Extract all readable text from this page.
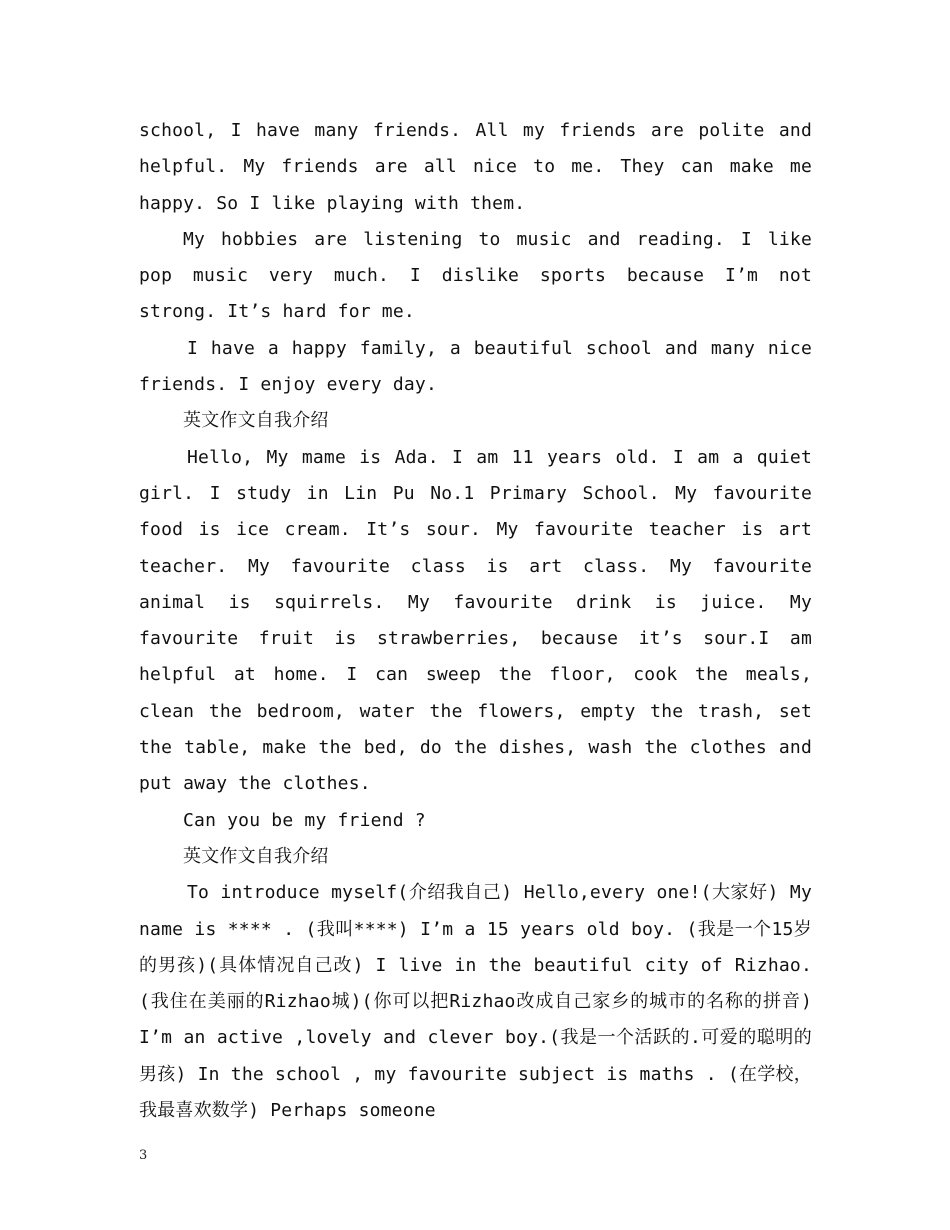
school, I have many friends. All my friends are polite and helpful. My friends are all nice to me. They can make me happy. So I like playing with them.

My hobbies are listening to music and reading. I like pop music very much. I dislike sports because I’m not strong. It’s hard for me.

I have a happy family, a beautiful school and many nice friends. I enjoy every day.

英文作文自我介绍

Hello, My mame is Ada. I am 11 years old. I am a quiet girl. I study in Lin Pu No.1 Primary School. My favourite food is ice cream. It’s sour. My favourite teacher is art teacher. My favourite class is art class. My favourite animal is squirrels. My favourite drink is juice. My favourite fruit is strawberries, because it’s sour.I am helpful at home. I can sweep the floor, cook the meals, clean the bedroom, water the flowers, empty the trash, set the table, make the bed, do the dishes, wash the clothes and put away the clothes.

Can you be my friend ?

英文作文自我介绍

To introduce myself(介绍我自己) Hello,every one!(大家好) My name is **** . (我叫****) I’m a 15 years old boy. (我是一个15岁的男孩)(具体情况自己改) I live in the beautiful city of Rizhao.(我住在美丽的Rizhao城)(你可以把Rizhao改成自己家乡的城市的名称的拼音) I’m an active ,lovely and clever boy.(我是一个活跃的.可爱的聪明的男孩) In the school , my favourite subject is maths . (在学校，我最喜欢数学) Perhaps someone

3
